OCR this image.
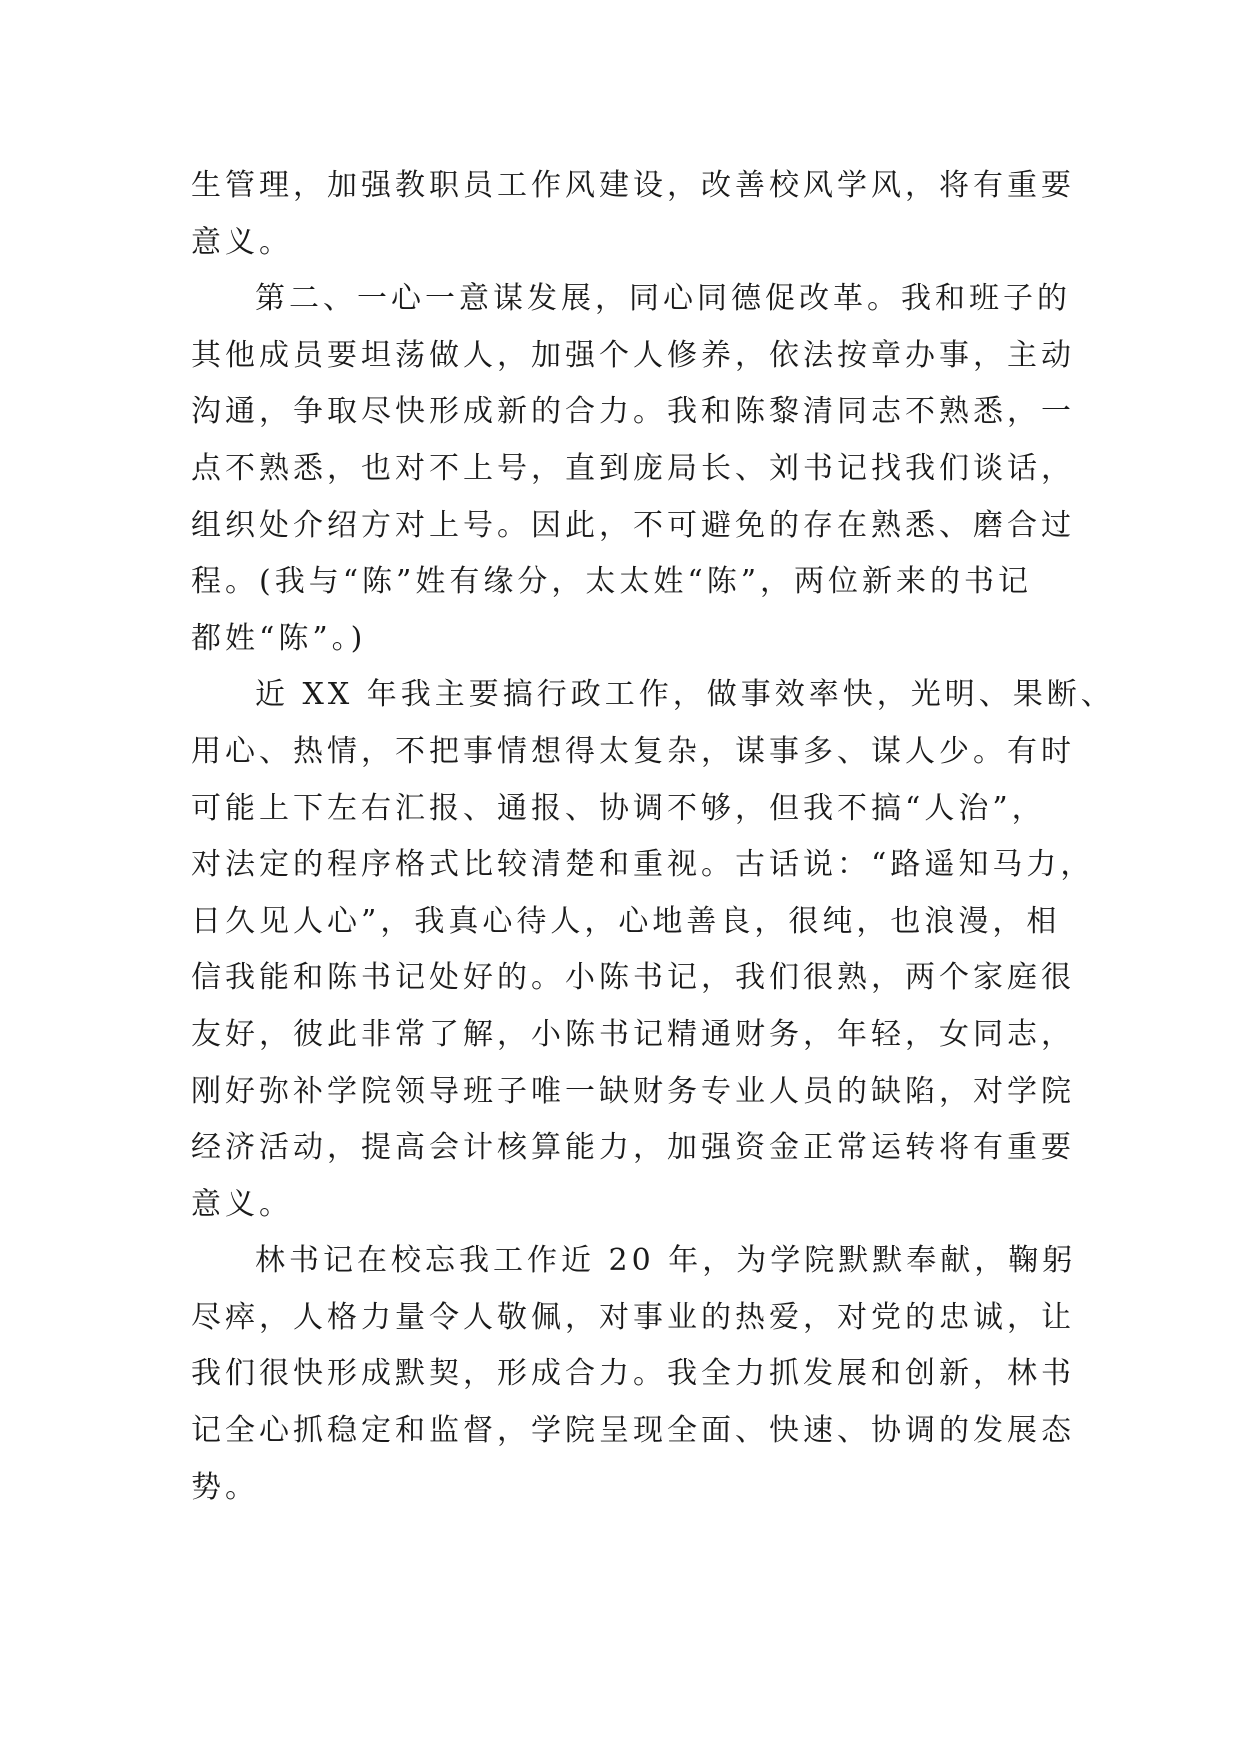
生管理，加强教职员工作风建设，改善校风学风，将有重要
意义。
第二、一心一意谋发展，同心同德促改革。我和班子的
其他成员要坦荡做人，加强个人修养，依法按章办事，主动
沟通，争取尽快形成新的合力。我和陈黎清同志不熟悉，一
点不熟悉，也对不上号，直到庞局长、刘书记找我们谈话，
组织处介绍方对上号。因此，不可避免的存在熟悉、磨合过
程。(我与“陈”姓有缘分，太太姓“陈”，两位新来的书记
都姓“陈”。)
近 XX 年我主要搞行政工作，做事效率快，光明、果断、
用心、热情，不把事情想得太复杂，谋事多、谋人少。有时
可能上下左右汇报、通报、协调不够，但我不搞“人治”，
对法定的程序格式比较清楚和重视。古话说：“路遥知马力，
日久见人心”，我真心待人，心地善良，很纯，也浪漫，相
信我能和陈书记处好的。小陈书记，我们很熟，两个家庭很
友好，彼此非常了解，小陈书记精通财务，年轻，女同志，
刚好弥补学院领导班子唯一缺财务专业人员的缺陷，对学院
经济活动，提高会计核算能力，加强资金正常运转将有重要
意义。
林书记在校忘我工作近 20 年，为学院默默奉献，鞠躬
尽瘁，人格力量令人敬佩，对事业的热爱，对党的忠诚，让
我们很快形成默契，形成合力。我全力抓发展和创新，林书
记全心抓稳定和监督，学院呈现全面、快速、协调的发展态
势。
